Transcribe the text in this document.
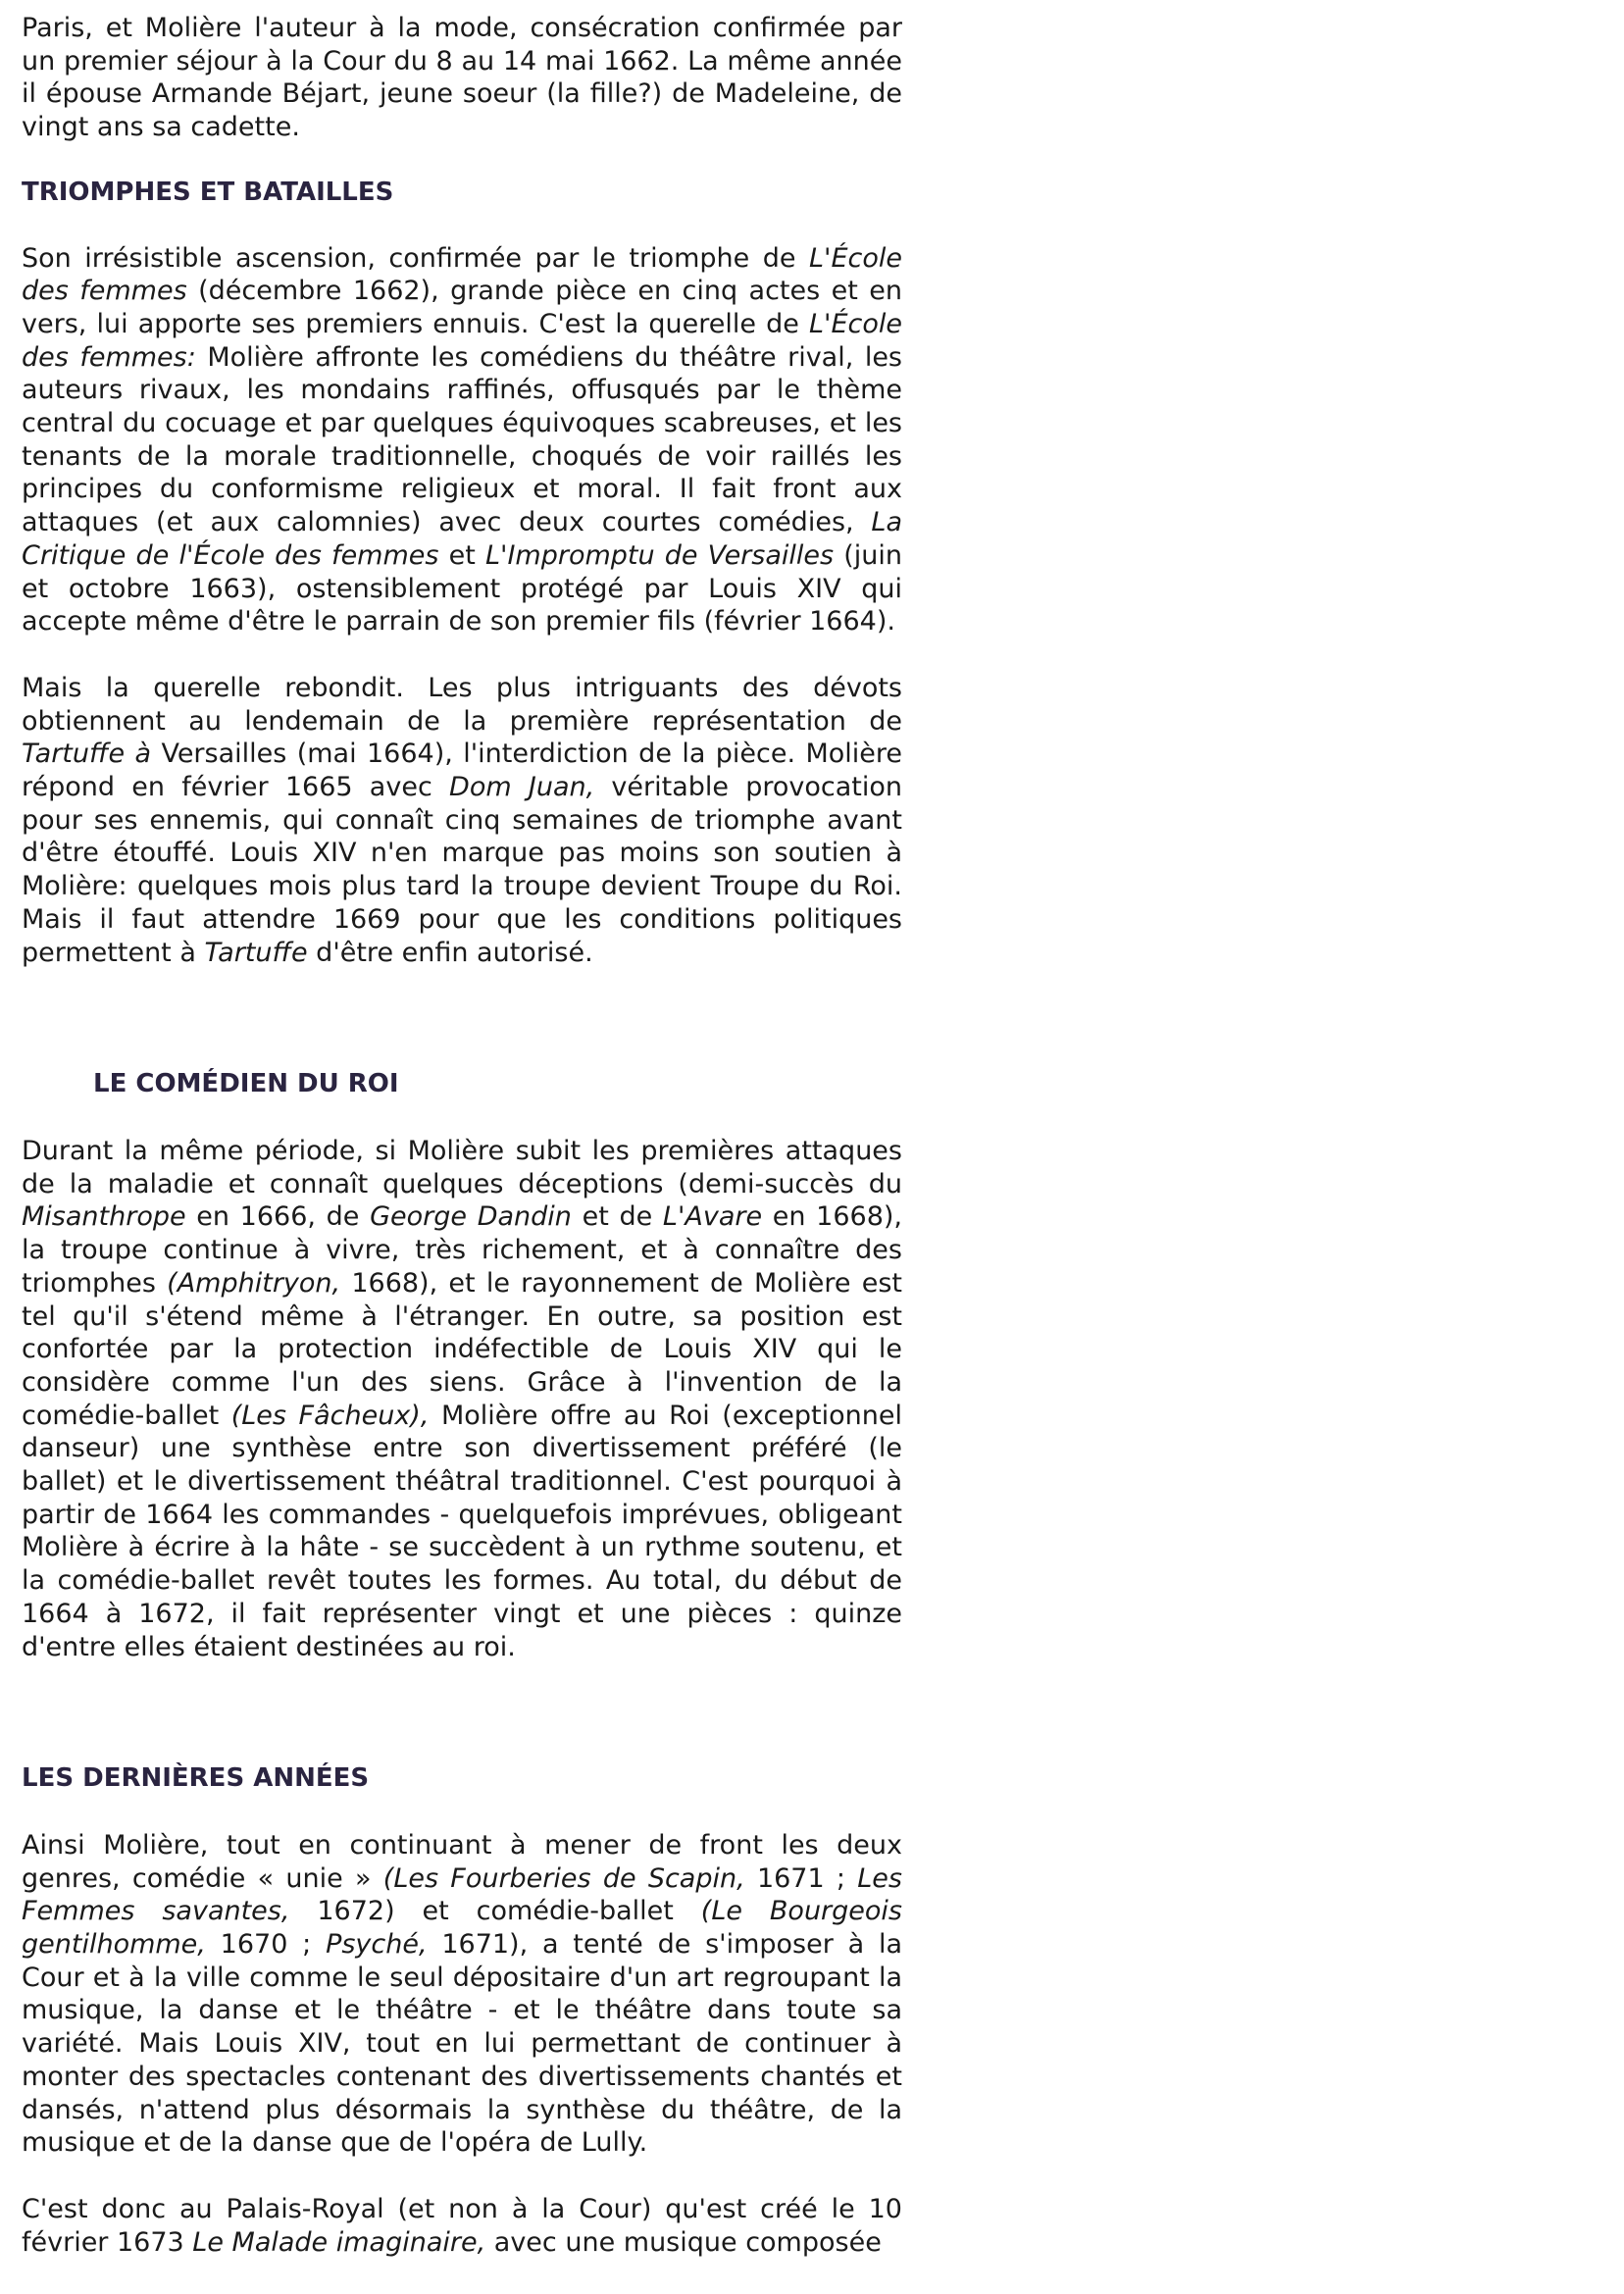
Paris, et Molière l'auteur à la mode, consécration confirmée par un premier séjour à la Cour du 8 au 14 mai 1662. La même année il épouse Armande Béjart, jeune soeur (la fille?) de Madeleine, de vingt ans sa cadette.

TRIOMPHES ET BATAILLES

Son irrésistible ascension, confirmée par le triomphe de L'École des femmes (décembre 1662), grande pièce en cinq actes et en vers, lui apporte ses premiers ennuis. C'est la querelle de L'École des femmes: Molière affronte les comédiens du théâtre rival, les auteurs rivaux, les mondains raffinés, offusqués par le thème central du cocuage et par quelques équivoques scabreuses, et les tenants de la morale traditionnelle, choqués de voir raillés les principes du conformisme religieux et moral. Il fait front aux attaques (et aux calomnies) avec deux courtes comédies, La Critique de l'École des femmes et L'Impromptu de Versailles (juin et octobre 1663), ostensiblement protégé par Louis XIV qui accepte même d'être le parrain de son premier fils (février 1664).

Mais la querelle rebondit. Les plus intriguants des dévots obtiennent au lendemain de la première représentation de Tartuffe à Versailles (mai 1664), l'interdiction de la pièce. Molière répond en février 1665 avec Dom Juan, véritable provocation pour ses ennemis, qui connaît cinq semaines de triomphe avant d'être étouffé. Louis XIV n'en marque pas moins son soutien à Molière: quelques mois plus tard la troupe devient Troupe du Roi. Mais il faut attendre 1669 pour que les conditions politiques permettent à Tartuffe d'être enfin autorisé.

LE COMÉDIEN DU ROI

Durant la même période, si Molière subit les premières attaques de la maladie et connaît quelques déceptions (demi-succès du Misanthrope en 1666, de George Dandin et de L'Avare en 1668), la troupe continue à vivre, très richement, et à connaître des triomphes (Amphitryon, 1668), et le rayonnement de Molière est tel qu'il s'étend même à l'étranger. En outre, sa position est confortée par la protection indéfectible de Louis XIV qui le considère comme l'un des siens. Grâce à l'invention de la comédie-ballet (Les Fâcheux), Molière offre au Roi (exceptionnel danseur) une synthèse entre son divertissement préféré (le ballet) et le divertissement théâtral traditionnel. C'est pourquoi à partir de 1664 les commandes - quelquefois imprévues, obligeant Molière à écrire à la hâte - se succèdent à un rythme soutenu, et la comédie-ballet revêt toutes les formes. Au total, du début de 1664 à 1672, il fait représenter vingt et une pièces : quinze d'entre elles étaient destinées au roi.

LES DERNIÈRES ANNÉES

Ainsi Molière, tout en continuant à mener de front les deux genres, comédie « unie » (Les Fourberies de Scapin, 1671 ; Les Femmes savantes, 1672) et comédie-ballet (Le Bourgeois gentilhomme, 1670 ; Psyché, 1671), a tenté de s'imposer à la Cour et à la ville comme le seul dépositaire d'un art regroupant la musique, la danse et le théâtre - et le théâtre dans toute sa variété. Mais Louis XIV, tout en lui permettant de continuer à monter des spectacles contenant des divertissements chantés et dansés, n'attend plus désormais la synthèse du théâtre, de la musique et de la danse que de l'opéra de Lully.

C'est donc au Palais-Royal (et non à la Cour) qu'est créé le 10 février 1673 Le Malade imaginaire, avec une musique composée
